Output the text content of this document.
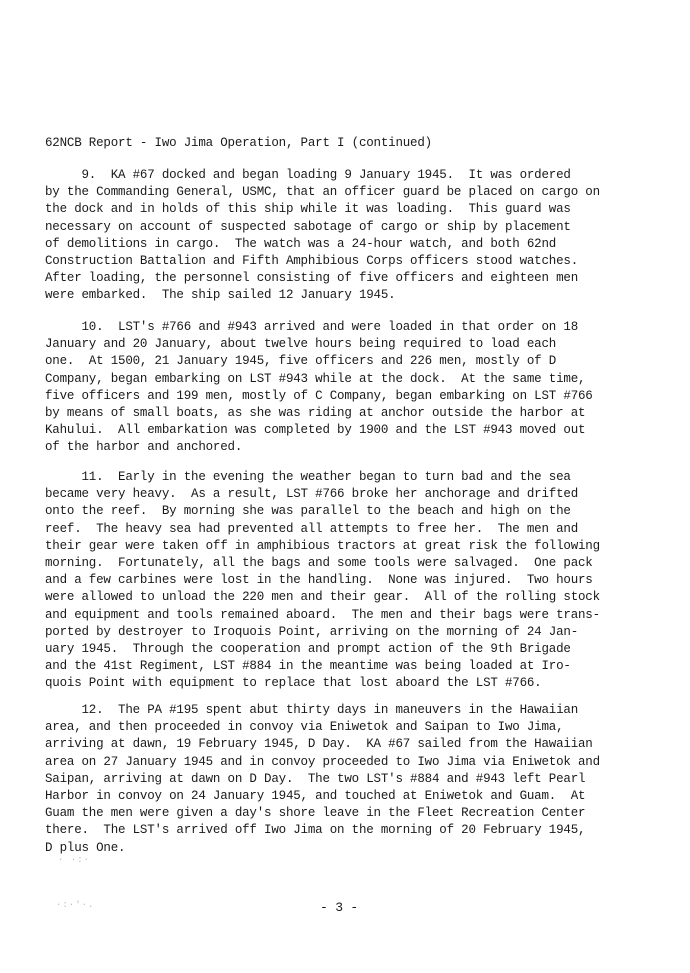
62NCB Report - Iwo Jima Operation, Part I (continued)
9.  KA #67 docked and began loading 9 January 1945.  It was ordered
by the Commanding General, USMC, that an officer guard be placed on cargo on
the dock and in holds of this ship while it was loading.  This guard was
necessary on account of suspected sabotage of cargo or ship by placement
of demolitions in cargo.  The watch was a 24-hour watch, and both 62nd
Construction Battalion and Fifth Amphibious Corps officers stood watches.
After loading, the personnel consisting of five officers and eighteen men
were embarked.  The ship sailed 12 January 1945.
10.  LST's #766 and #943 arrived and were loaded in that order on 18
January and 20 January, about twelve hours being required to load each
one.  At 1500, 21 January 1945, five officers and 226 men, mostly of D
Company, began embarking on LST #943 while at the dock.  At the same time,
five officers and 199 men, mostly of C Company, began embarking on LST #766
by means of small boats, as she was riding at anchor outside the harbor at
Kahului.  All embarkation was completed by 1900 and the LST #943 moved out
of the harbor and anchored.
11.  Early in the evening the weather began to turn bad and the sea
became very heavy.  As a result, LST #766 broke her anchorage and drifted
onto the reef.  By morning she was parallel to the beach and high on the
reef.  The heavy sea had prevented all attempts to free her.  The men and
their gear were taken off in amphibious tractors at great risk the following
morning.  Fortunately, all the bags and some tools were salvaged.  One pack
and a few carbines were lost in the handling.  None was injured.  Two hours
were allowed to unload the 220 men and their gear.  All of the rolling stock
and equipment and tools remained aboard.  The men and their bags were trans-
ported by destroyer to Iroquois Point, arriving on the morning of 24 Jan-
uary 1945.  Through the cooperation and prompt action of the 9th Brigade
and the 41st Regiment, LST #884 in the meantime was being loaded at Iro-
quois Point with equipment to replace that lost aboard the LST #766.
12.  The PA #195 spent abut thirty days in maneuvers in the Hawaiian
area, and then proceeded in convoy via Eniwetok and Saipan to Iwo Jima,
arriving at dawn, 19 February 1945, D Day.  KA #67 sailed from the Hawaiian
area on 27 January 1945 and in convoy proceeded to Iwo Jima via Eniwetok and
Saipan, arriving at dawn on D Day.  The two LST's #884 and #943 left Pearl
Harbor in convoy on 24 January 1945, and touched at Eniwetok and Guam.  At
Guam the men were given a day's shore leave in the Fleet Recreation Center
there.  The LST's arrived off Iwo Jima on the morning of 20 February 1945,
D plus One.
· ·:·
·:·'·.	- 3 -
